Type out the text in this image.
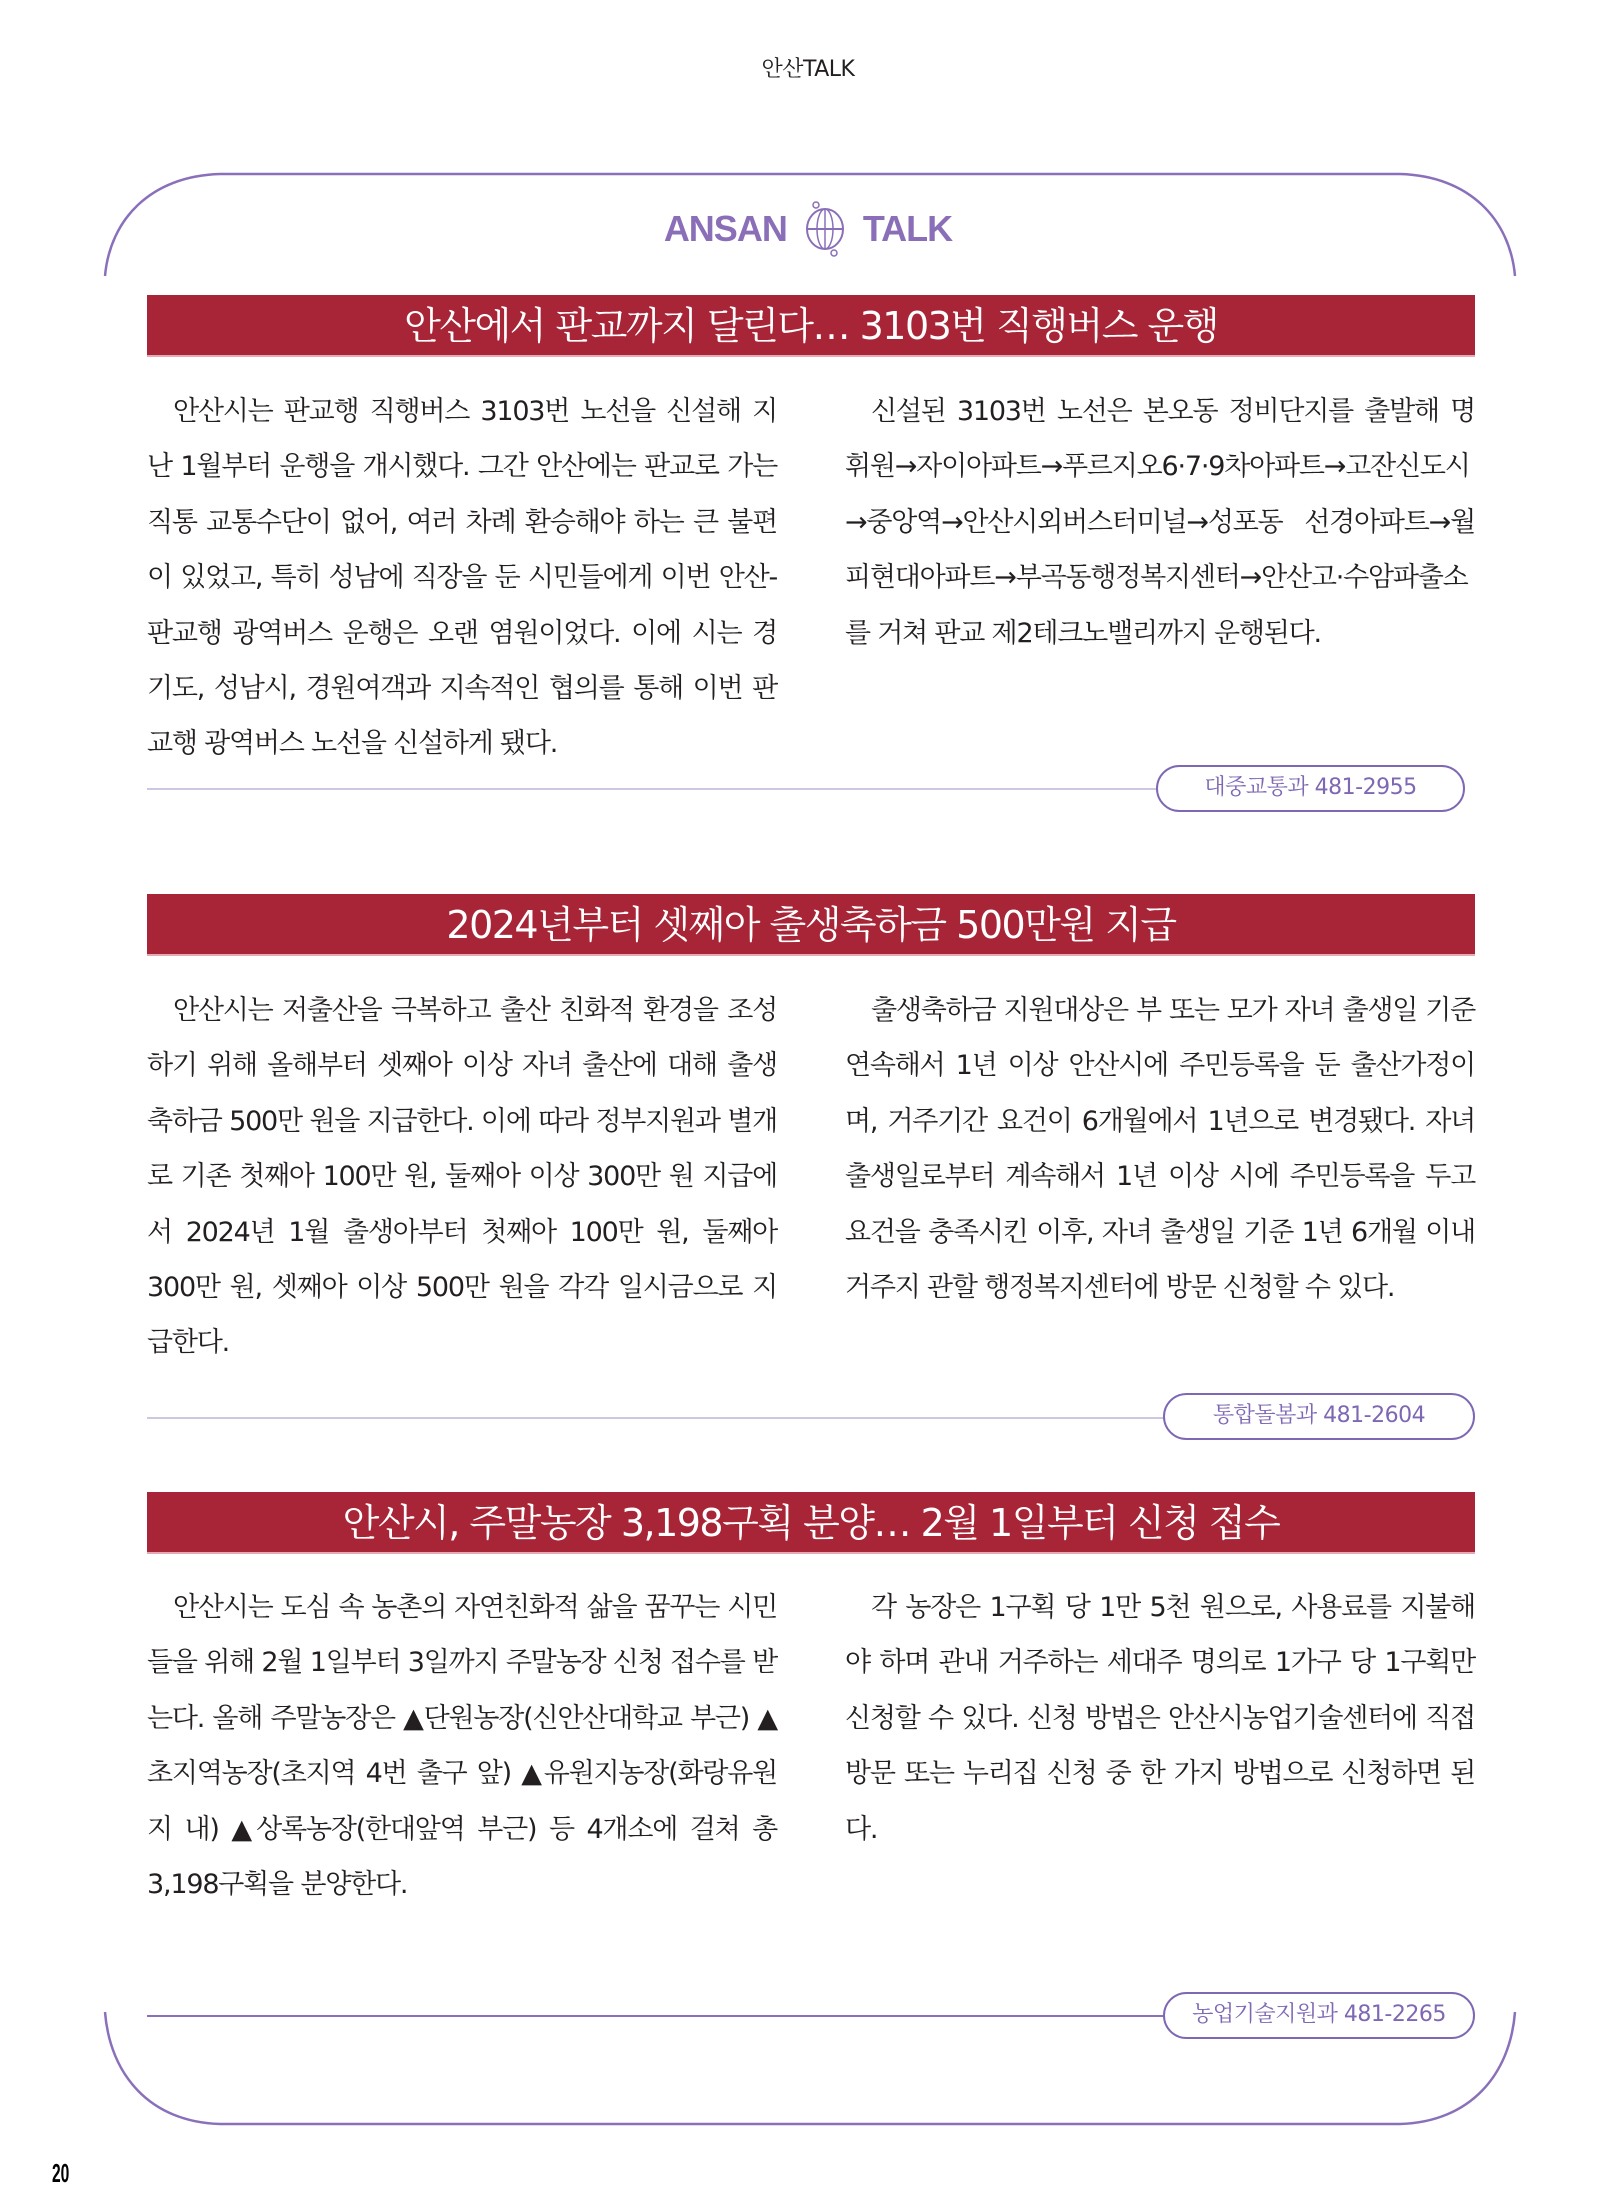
안산TALK
ANSAN TALK
안산에서 판교까지 달린다… 3103번 직행버스 운행

안산시는 판교행 직행버스 3103번 노선을 신설해 지난 1월부터 운행을 개시했다. 그간 안산에는 판교로 가는 직통 교통수단이 없어, 여러 차례 환승해야 하는 큰 불편이 있었고, 특히 성남에 직장을 둔 시민들에게 이번 안산-판교행 광역버스 운행은 오랜 염원이었다. 이에 시는 경기도, 성남시, 경원여객과 지속적인 협의를 통해 이번 판교행 광역버스 노선을 신설하게 됐다.

신설된 3103번 노선은 본오동 정비단지를 출발해 명휘원→자이아파트→푸르지오6·7·9차아파트→고잔신도시→중앙역→안산시외버스터미널→성포동 선경아파트→월피현대아파트→부곡동행정복지센터→안산고·수암파출소를 거쳐 판교 제2테크노밸리까지 운행된다.

대중교통과 481-2955
2024년부터 셋째아 출생축하금 500만원 지급

안산시는 저출산을 극복하고 출산 친화적 환경을 조성하기 위해 올해부터 셋째아 이상 자녀 출산에 대해 출생축하금 500만 원을 지급한다. 이에 따라 정부지원과 별개로 기존 첫째아 100만 원, 둘째아 이상 300만 원 지급에서 2024년 1월 출생아부터 첫째아 100만 원, 둘째아 300만 원, 셋째아 이상 500만 원을 각각 일시금으로 지급한다.

출생축하금 지원대상은 부 또는 모가 자녀 출생일 기준 연속해서 1년 이상 안산시에 주민등록을 둔 출산가정이며, 거주기간 요건이 6개월에서 1년으로 변경됐다. 자녀 출생일로부터 계속해서 1년 이상 시에 주민등록을 두고 요건을 충족시킨 이후, 자녀 출생일 기준 1년 6개월 이내 거주지 관할 행정복지센터에 방문 신청할 수 있다.

통합돌봄과 481-2604
안산시, 주말농장 3,198구획 분양… 2월 1일부터 신청 접수

안산시는 도심 속 농촌의 자연친화적 삶을 꿈꾸는 시민들을 위해 2월 1일부터 3일까지 주말농장 신청 접수를 받는다. 올해 주말농장은 ▲단원농장(신안산대학교 부근) ▲초지역농장(초지역 4번 출구 앞) ▲유원지농장(화랑유원지 내) ▲상록농장(한대앞역 부근) 등 4개소에 걸쳐 총 3,198구획을 분양한다.

각 농장은 1구획 당 1만 5천 원으로, 사용료를 지불해야 하며 관내 거주하는 세대주 명의로 1가구 당 1구획만 신청할 수 있다. 신청 방법은 안산시농업기술센터에 직접 방문 또는 누리집 신청 중 한 가지 방법으로 신청하면 된다.

농업기술지원과 481-2265
20
